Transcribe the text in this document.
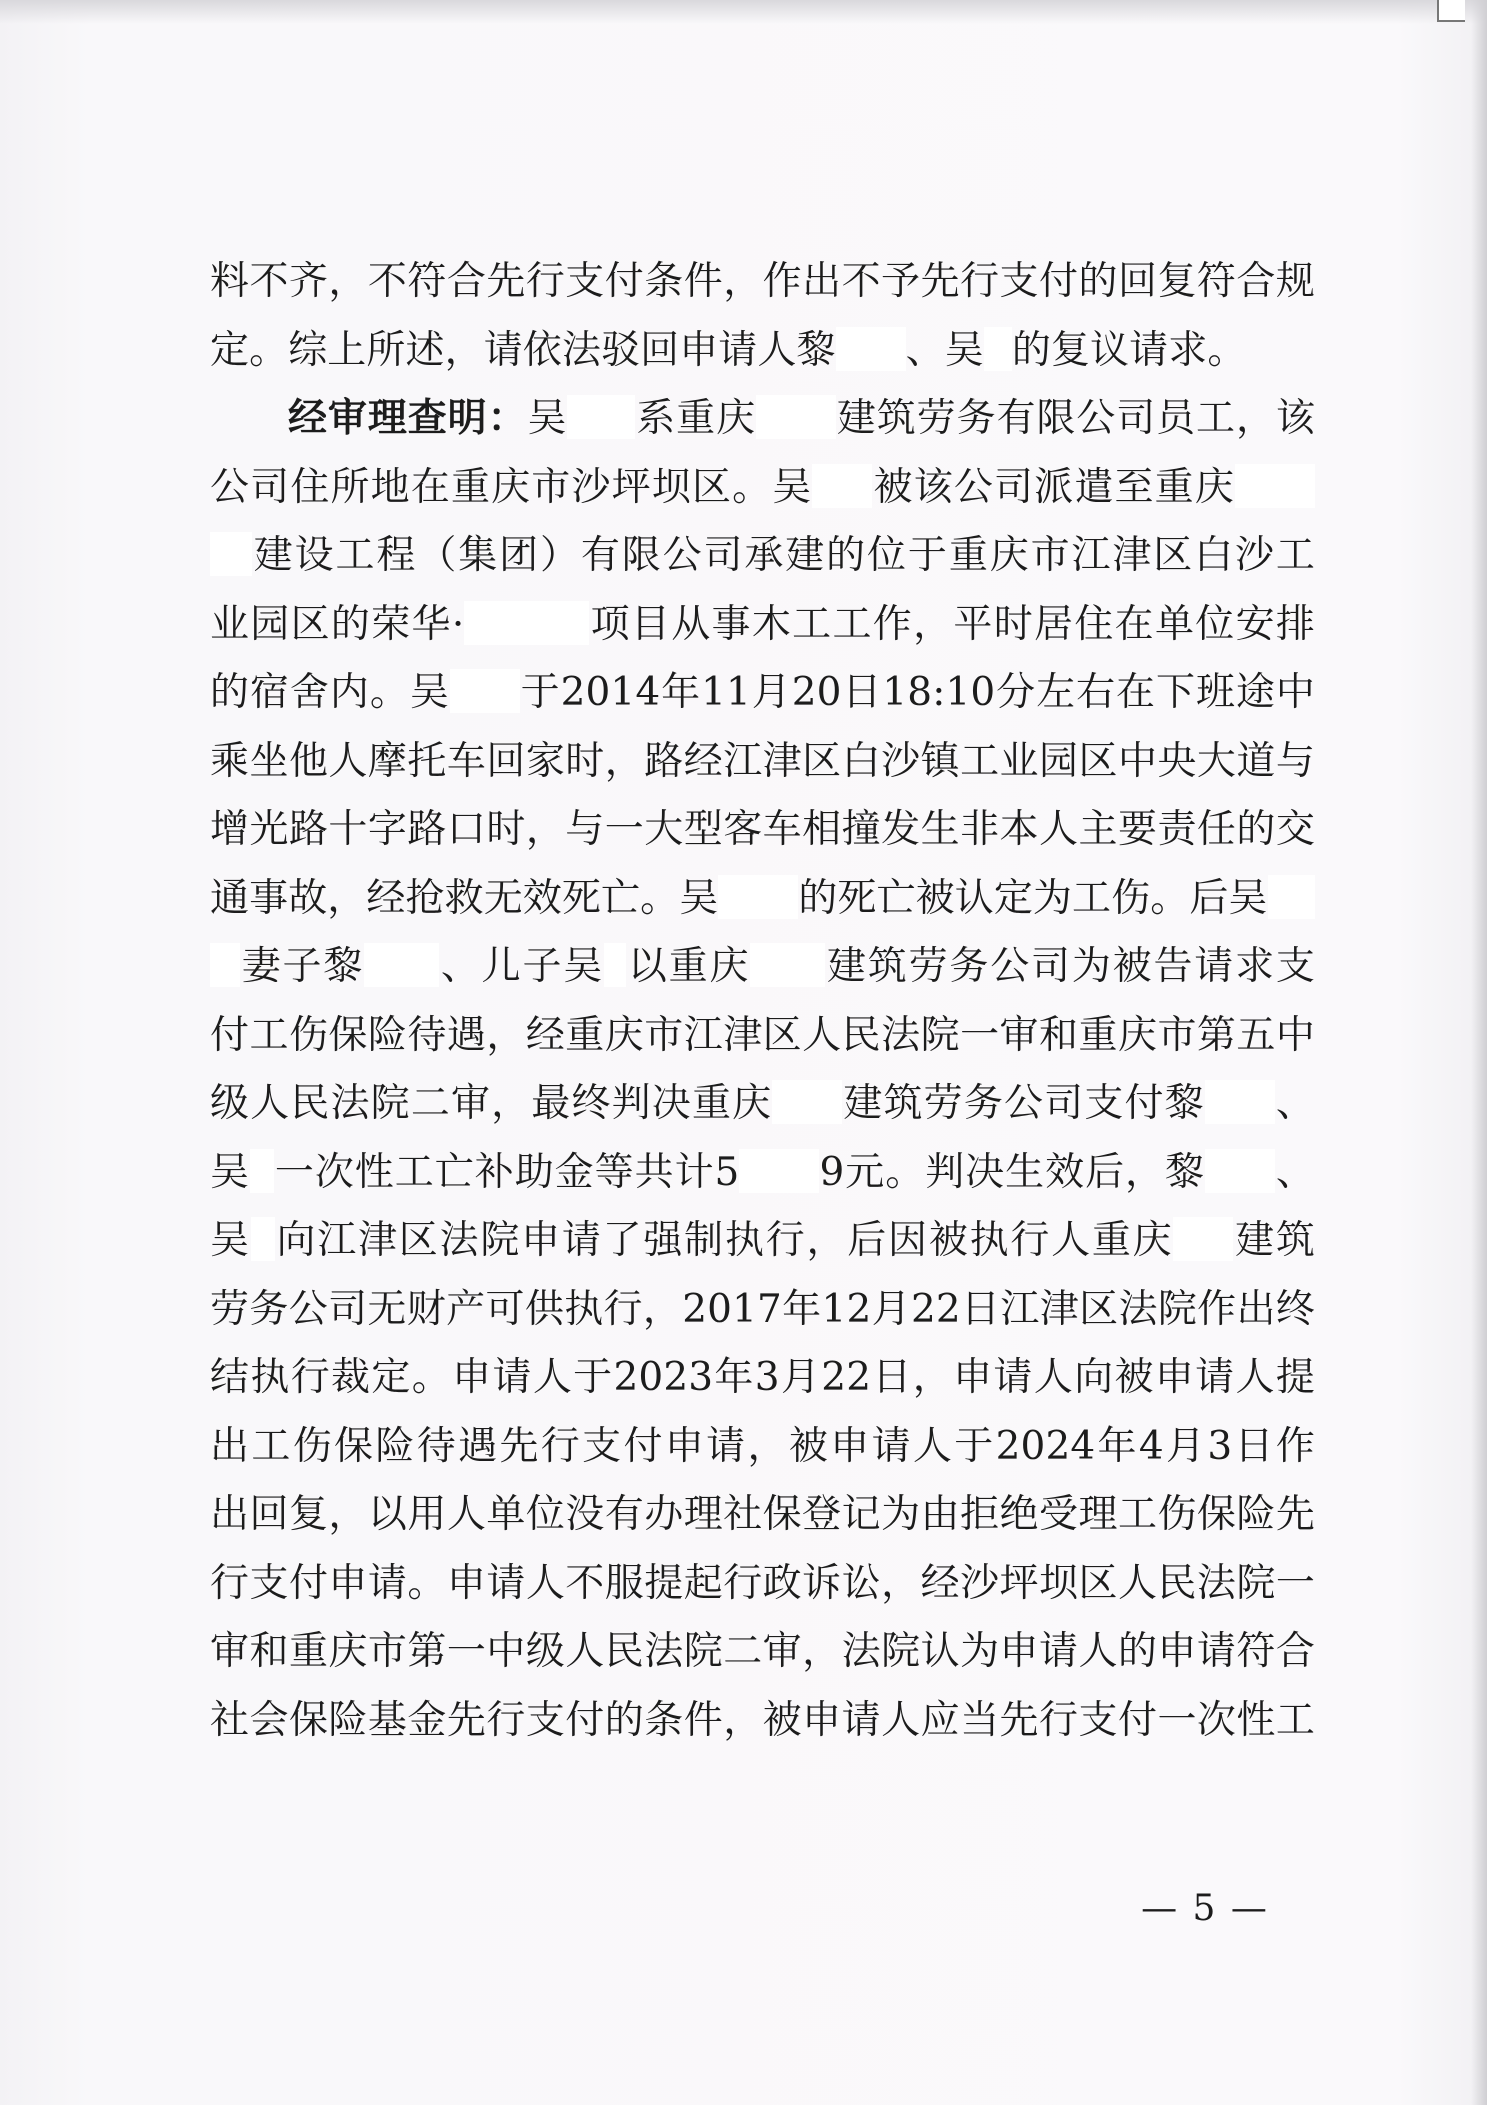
料不齐，不符合先行支付条件，作出不予先行支付的回复符合规
定。综上所述，请依法驳回申请人黎 、吴 的复议请求。
经审理查明：吴 系重庆 建筑劳务有限公司员工，该
公司住所地在重庆市沙坪坝区。吴 被该公司派遣至重庆
建设工程（集团）有限公司承建的位于重庆市江津区白沙工
业园区的荣华·	项目从事木工工作，平时居住在单位安排
的宿舍内。吴 于2014年11月20日18:10分左右在下班途中
乘坐他人摩托车回家时，路经江津区白沙镇工业园区中央大道与
增光路十字路口时，与一大型客车相撞发生非本人主要责任的交
通事故，经抢救无效死亡。吴 的死亡被认定为工伤。后吴
妻子黎 、儿子吴 以重庆 建筑劳务公司为被告请求支
付工伤保险待遇，经重庆市江津区人民法院一审和重庆市第五中
级人民法院二审，最终判决重庆 建筑劳务公司支付黎 、
吴 一次性工亡补助金等共计5 9元。判决生效后，黎 、
吴 向江津区法院申请了强制执行，后因被执行人重庆 建筑
劳务公司无财产可供执行，2017年12月22日江津区法院作出终
结执行裁定。申请人于2023年3月22日，申请人向被申请人提
出工伤保险待遇先行支付申请，被申请人于2024年4月3日作
出回复，以用人单位没有办理社保登记为由拒绝受理工伤保险先
行支付申请。申请人不服提起行政诉讼，经沙坪坝区人民法院一
审和重庆市第一中级人民法院二审，法院认为申请人的申请符合
社会保险基金先行支付的条件，被申请人应当先行支付一次性工
— 5 —
